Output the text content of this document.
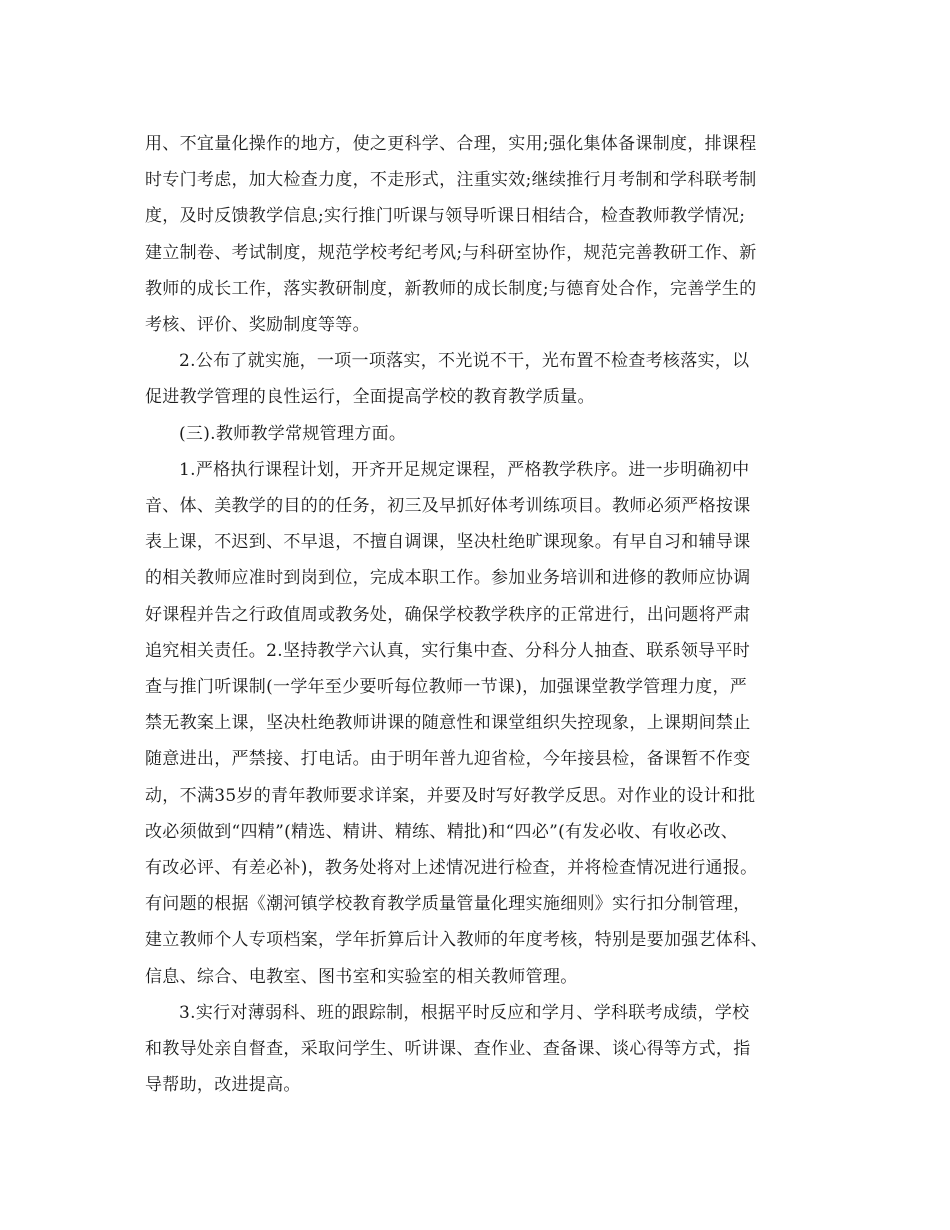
用、不宜量化操作的地方，使之更科学、合理，实用;强化集体备课制度，排课程
时专门考虑，加大检查力度，不走形式，注重实效;继续推行月考制和学科联考制
度，及时反馈教学信息;实行推门听课与领导听课日相结合，检查教师教学情况;
建立制卷、考试制度，规范学校考纪考风;与科研室协作，规范完善教研工作、新
教师的成长工作，落实教研制度，新教师的成长制度;与德育处合作，完善学生的
考核、评价、奖励制度等等。

2.公布了就实施，一项一项落实，不光说不干，光布置不检查考核落实，以
促进教学管理的良性运行，全面提高学校的教育教学质量。

(三).教师教学常规管理方面。

1.严格执行课程计划，开齐开足规定课程，严格教学秩序。进一步明确初中
音、体、美教学的目的的任务，初三及早抓好体考训练项目。教师必须严格按课
表上课，不迟到、不早退，不擅自调课，坚决杜绝旷课现象。有早自习和辅导课
的相关教师应准时到岗到位，完成本职工作。参加业务培训和进修的教师应协调
好课程并告之行政值周或教务处，确保学校教学秩序的正常进行，出问题将严肃
追究相关责任。2.坚持教学六认真，实行集中查、分科分人抽查、联系领导平时
查与推门听课制(一学年至少要听每位教师一节课)，加强课堂教学管理力度，严
禁无教案上课，坚决杜绝教师讲课的随意性和课堂组织失控现象，上课期间禁止
随意进出，严禁接、打电话。由于明年普九迎省检，今年接县检，备课暂不作变
动，不满35岁的青年教师要求详案，并要及时写好教学反思。对作业的设计和批
改必须做到“四精”(精选、精讲、精练、精批)和“四必”(有发必收、有收必改、
有改必评、有差必补)，教务处将对上述情况进行检查，并将检查情况进行通报。
有问题的根据《潮河镇学校教育教学质量管量化理实施细则》实行扣分制管理，
建立教师个人专项档案，学年折算后计入教师的年度考核，特别是要加强艺体科、
信息、综合、电教室、图书室和实验室的相关教师管理。

3.实行对薄弱科、班的跟踪制，根据平时反应和学月、学科联考成绩，学校
和教导处亲自督查，采取问学生、听讲课、查作业、查备课、谈心得等方式，指
导帮助，改进提高。
